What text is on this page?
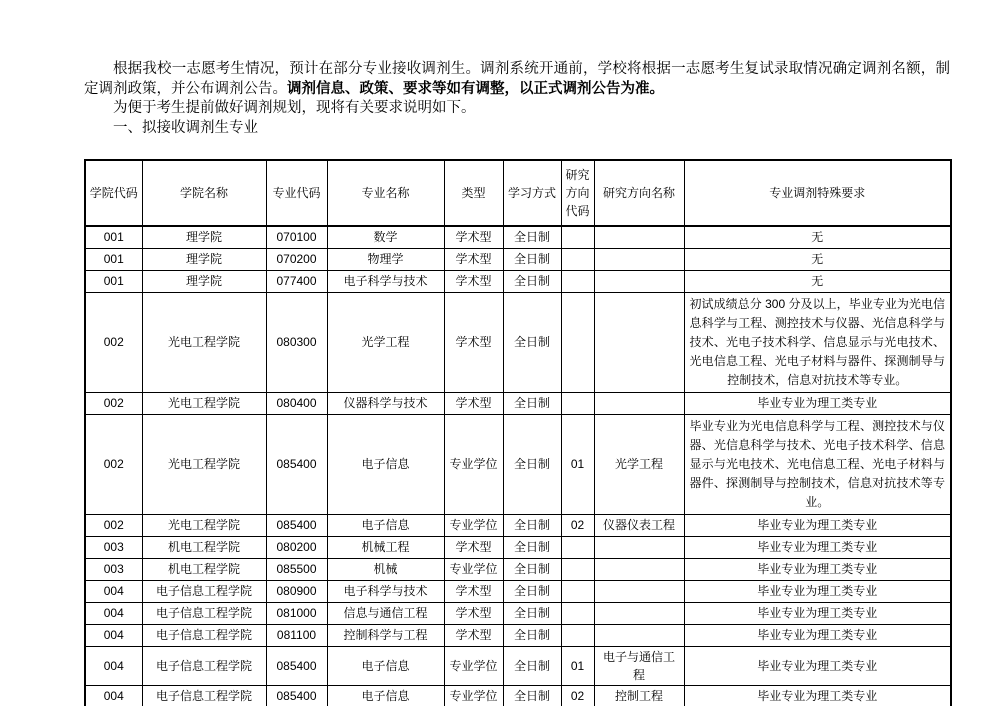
根据我校一志愿考生情况，预计在部分专业接收调剂生。调剂系统开通前，学校将根据一志愿考生复试录取情况确定调剂名额，制定调剂政策，并公布调剂公告。调剂信息、政策、要求等如有调整，以正式调剂公告为准。

为便于考生提前做好调剂规划，现将有关要求说明如下。

一、拟接收调剂生专业

学院代码	学院名称	专业代码	专业名称	类型	学习方式	研究方向代码	研究方向名称	专业调剂特殊要求
001	理学院	070100	数学	学术型	全日制			无
001	理学院	070200	物理学	学术型	全日制			无
001	理学院	077400	电子科学与技术	学术型	全日制			无
002	光电工程学院	080300	光学工程	学术型	全日制			初试成绩总分 300 分及以上，毕业专业为光电信息科学与工程、测控技术与仪器、光信息科学与技术、光电子技术科学、信息显示与光电技术、光电信息工程、光电子材料与器件、探测制导与控制技术，信息对抗技术等专业。
002	光电工程学院	080400	仪器科学与技术	学术型	全日制			毕业专业为理工类专业
002	光电工程学院	085400	电子信息	专业学位	全日制	01	光学工程	毕业专业为光电信息科学与工程、测控技术与仪器、光信息科学与技术、光电子技术科学、信息显示与光电技术、光电信息工程、光电子材料与器件、探测制导与控制技术，信息对抗技术等专业。
002	光电工程学院	085400	电子信息	专业学位	全日制	02	仪器仪表工程	毕业专业为理工类专业
003	机电工程学院	080200	机械工程	学术型	全日制			毕业专业为理工类专业
003	机电工程学院	085500	机械	专业学位	全日制			毕业专业为理工类专业
004	电子信息工程学院	080900	电子科学与技术	学术型	全日制			毕业专业为理工类专业
004	电子信息工程学院	081000	信息与通信工程	学术型	全日制			毕业专业为理工类专业
004	电子信息工程学院	081100	控制科学与工程	学术型	全日制			毕业专业为理工类专业
004	电子信息工程学院	085400	电子信息	专业学位	全日制	01	电子与通信工程	毕业专业为理工类专业
004	电子信息工程学院	085400	电子信息	专业学位	全日制	02	控制工程	毕业专业为理工类专业
